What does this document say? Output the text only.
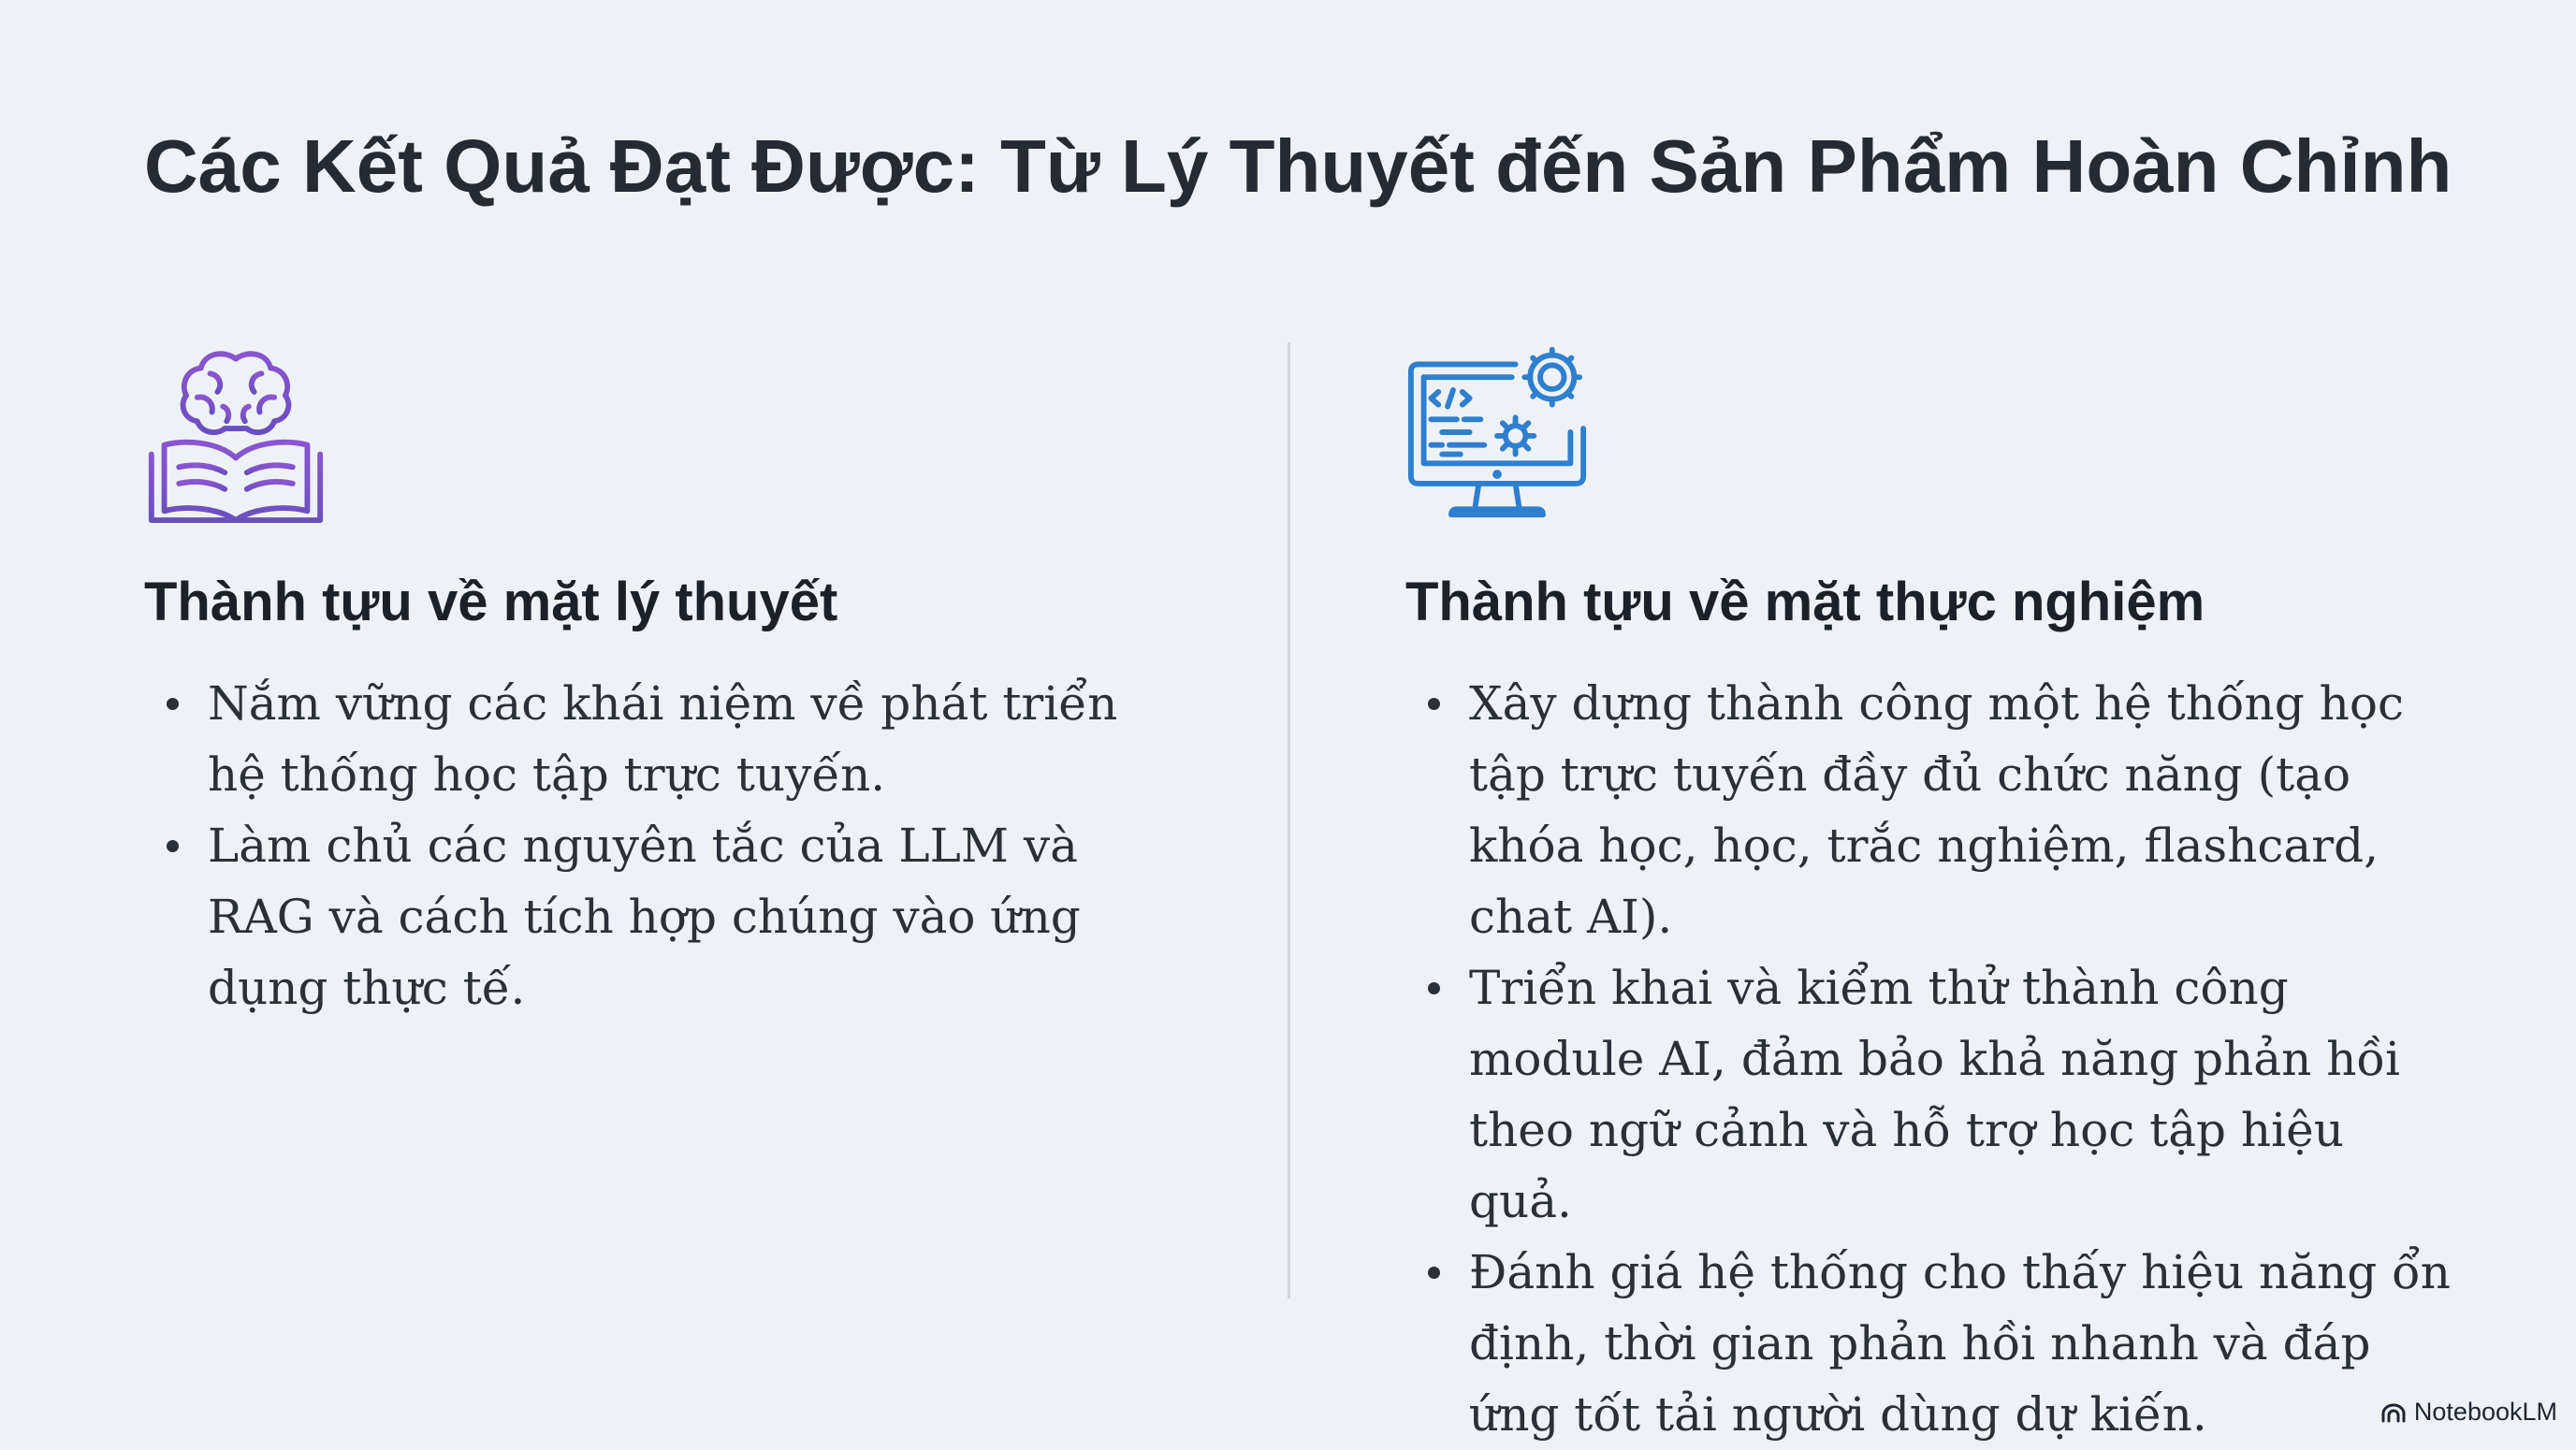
Các Kết Quả Đạt Được: Từ Lý Thuyết đến Sản Phẩm Hoàn Chỉnh
Thành tựu về mặt lý thuyết
Nắm vững các khái niệm về phát triển hệ thống học tập trực tuyến.
Làm chủ các nguyên tắc của LLM và RAG và cách tích hợp chúng vào ứng dụng thực tế.
Thành tựu về mặt thực nghiệm
Xây dựng thành công một hệ thống học tập trực tuyến đầy đủ chức năng (tạo khóa học, học, trắc nghiệm, flashcard, chat AI).
Triển khai và kiểm thử thành công module AI, đảm bảo khả năng phản hồi theo ngữ cảnh và hỗ trợ học tập hiệu quả.
Đánh giá hệ thống cho thấy hiệu năng ổn định, thời gian phản hồi nhanh và đáp ứng tốt tải người dùng dự kiến.	NotebookLM
